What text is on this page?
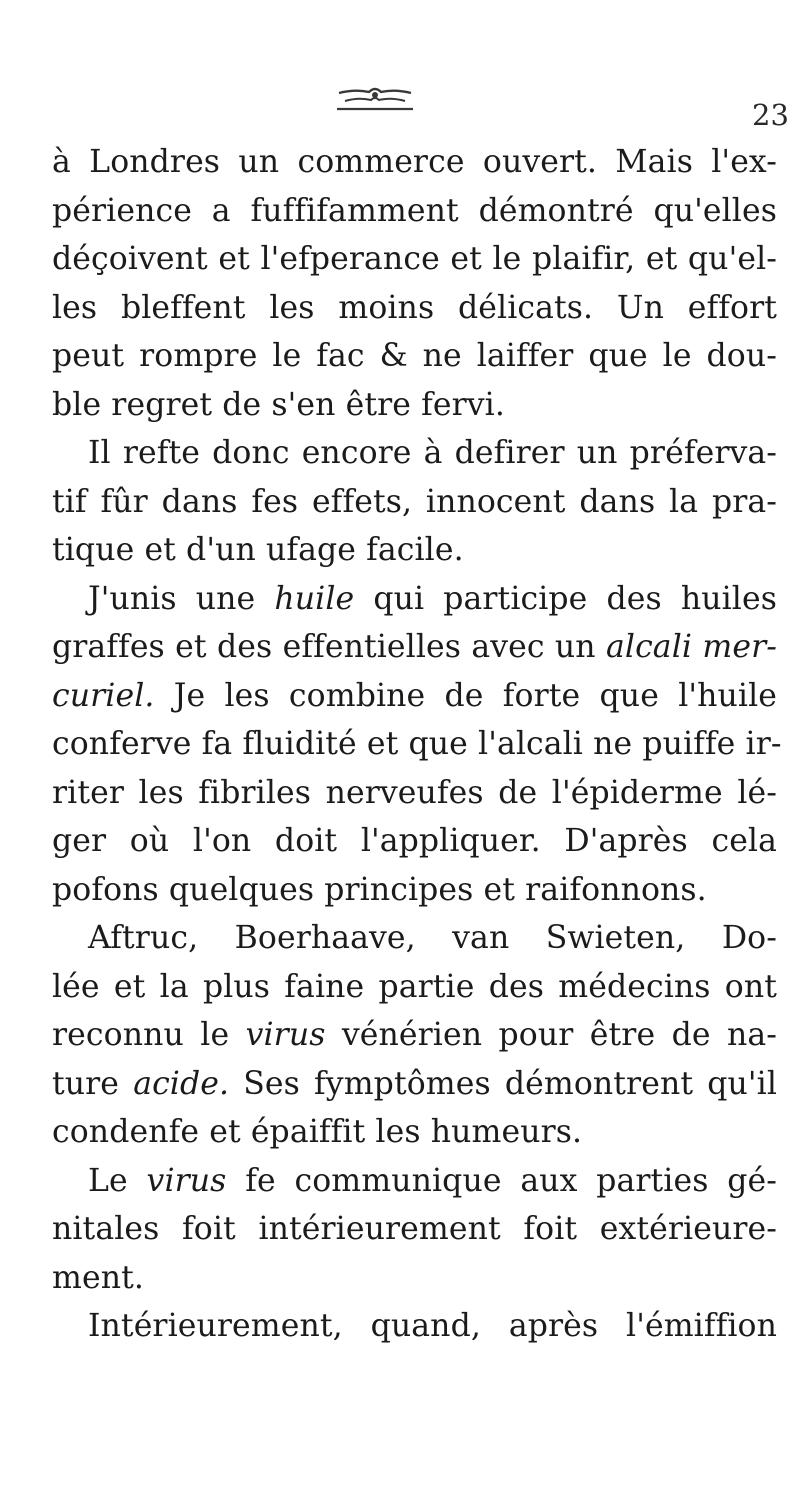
23
à Londres un commerce ouvert. Mais l'ex-
périence a fuffifamment démontré qu'elles
déçoivent et l'efperance et le plaifir, et qu'el-
les bleffent les moins délicats. Un effort
peut rompre le fac & ne laiffer que le dou-
ble regret de s'en être fervi.
Il refte donc encore à defirer un préferva-
tif fûr dans fes effets, innocent dans la pra-
tique et d'un ufage facile.
J'unis une huile qui participe des huiles
graffes et des effentielles avec un alcali mer-
curiel. Je les combine de forte que l'huile
conferve fa fluidité et que l'alcali ne puiffe ir-
riter les fibriles nerveufes de l'épiderme lé-
ger où l'on doit l'appliquer. D'après cela
pofons quelques principes et raifonnons.
Aftruc, Boerhaave, van Swieten, Do-
lée et la plus faine partie des médecins ont
reconnu le virus vénérien pour être de na-
ture acide. Ses fymptômes démontrent qu'il
condenfe et épaiffit les humeurs.
Le virus fe communique aux parties gé-
nitales foit intérieurement foit extérieure-
ment.
Intérieurement, quand, après l'émiffion
